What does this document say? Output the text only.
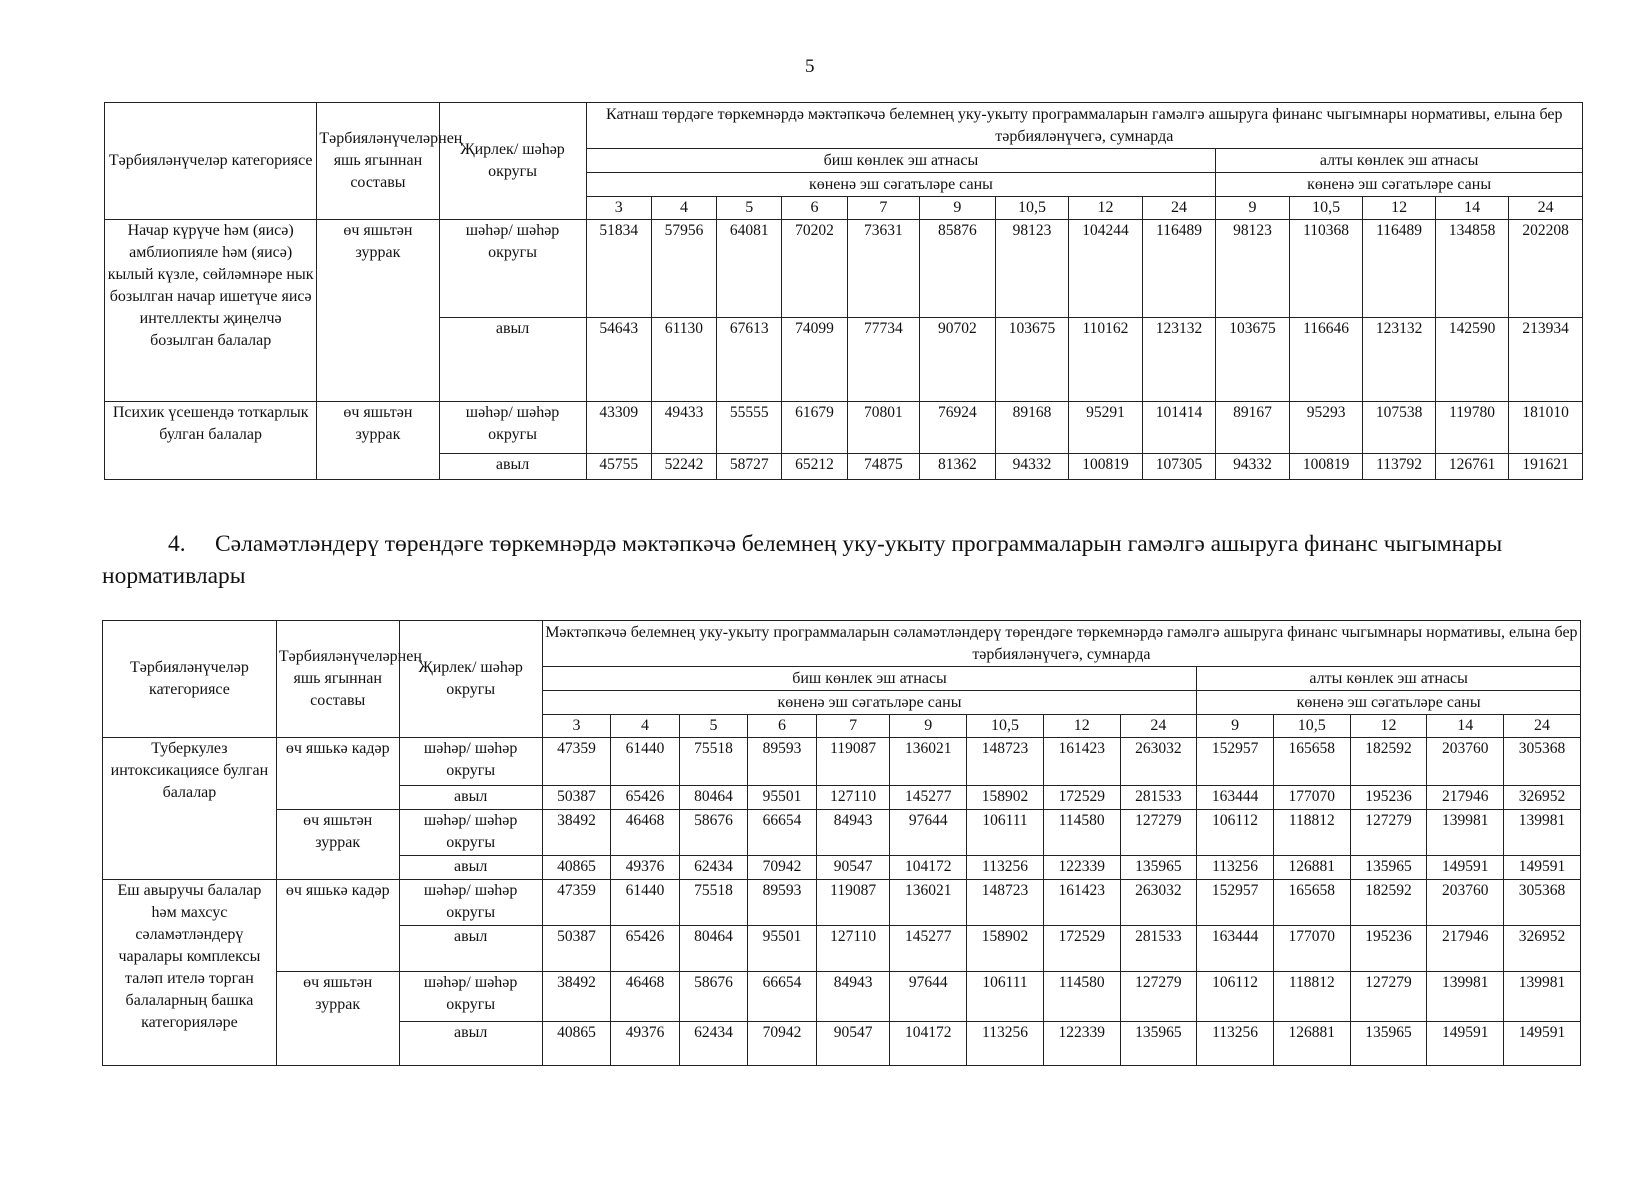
5
Тәрбияләнүчеләр категориясе	Тәрбияләнүчеләрнең яшь ягыннан составы	Җирлек/ шәһәр округы	Катнаш төрдәге төркемнәрдә мәктәпкәчә белемнең уку-укыту программаларын гамәлгә ашыруга финанс чыгымнары нормативы, елына бер тәрбияләнүчегә, сумнарда													
			биш көнлек эш атнасы									алты көнлек эш атнасы				
			көненә эш сәгатьләре саны									көненә эш сәгатьләре саны				
			3	4	5	6	7	9	10,5	12	24	9	10,5	12	14	24
Начар күрүче һәм (яисә) амблиопияле һәм (яисә) кылый күзле, сөйләмнәре нык бозылган начар ишетүче яисә интеллекты җиңелчә бозылган балалар	өч яшьтән зуррак	шәһәр/ шәһәр округы	51834	57956	64081	70202	73631	85876	98123	104244	116489	98123	110368	116489	134858	202208
		авыл	54643	61130	67613	74099	77734	90702	103675	110162	123132	103675	116646	123132	142590	213934
Психик үсешендә тоткарлык булган балалар	өч яшьтән зуррак	шәһәр/ шәһәр округы	43309	49433	55555	61679	70801	76924	89168	95291	101414	89167	95293	107538	119780	181010
		авыл	45755	52242	58727	65212	74875	81362	94332	100819	107305	94332	100819	113792	126761	191621
4. Сәламәтләндерү төрендәге төркемнәрдә мәктәпкәчә белемнең уку-укыту программаларын гамәлгә ашыруга финанс чыгымнары нормативлары
Тәрбияләнүчеләр категориясе	Тәрбияләнүчеләрнең яшь ягыннан составы	Җирлек/ шәһәр округы	Мәктәпкәчә белемнең уку-укыту программаларын сәламәтләндерү төрендәге төркемнәрдә гамәлгә ашыруга финанс чыгымнары нормативы, елына бер тәрбияләнүчегә, сумнарда													
			биш көнлек эш атнасы									алты көнлек эш атнасы				
			көненә эш сәгатьләре саны									көненә эш сәгатьләре саны				
			3	4	5	6	7	9	10,5	12	24	9	10,5	12	14	24
Туберкулез интоксикациясе булган балалар	өч яшькә кадәр	шәһәр/ шәһәр округы	47359	61440	75518	89593	119087	136021	148723	161423	263032	152957	165658	182592	203760	305368
		авыл	50387	65426	80464	95501	127110	145277	158902	172529	281533	163444	177070	195236	217946	326952
	өч яшьтән зуррак	шәһәр/ шәһәр округы	38492	46468	58676	66654	84943	97644	106111	114580	127279	106112	118812	127279	139981	139981
		авыл	40865	49376	62434	70942	90547	104172	113256	122339	135965	113256	126881	135965	149591	149591
Еш авыручы балалар һәм махсус сәламәтләндерү чаралары комплексы таләп ителә торган балаларның башка категорияләре	өч яшькә кадәр	шәһәр/ шәһәр округы	47359	61440	75518	89593	119087	136021	148723	161423	263032	152957	165658	182592	203760	305368
		авыл	50387	65426	80464	95501	127110	145277	158902	172529	281533	163444	177070	195236	217946	326952
	өч яшьтән зуррак	шәһәр/ шәһәр округы	38492	46468	58676	66654	84943	97644	106111	114580	127279	106112	118812	127279	139981	139981
		авыл	40865	49376	62434	70942	90547	104172	113256	122339	135965	113256	126881	135965	149591	149591
